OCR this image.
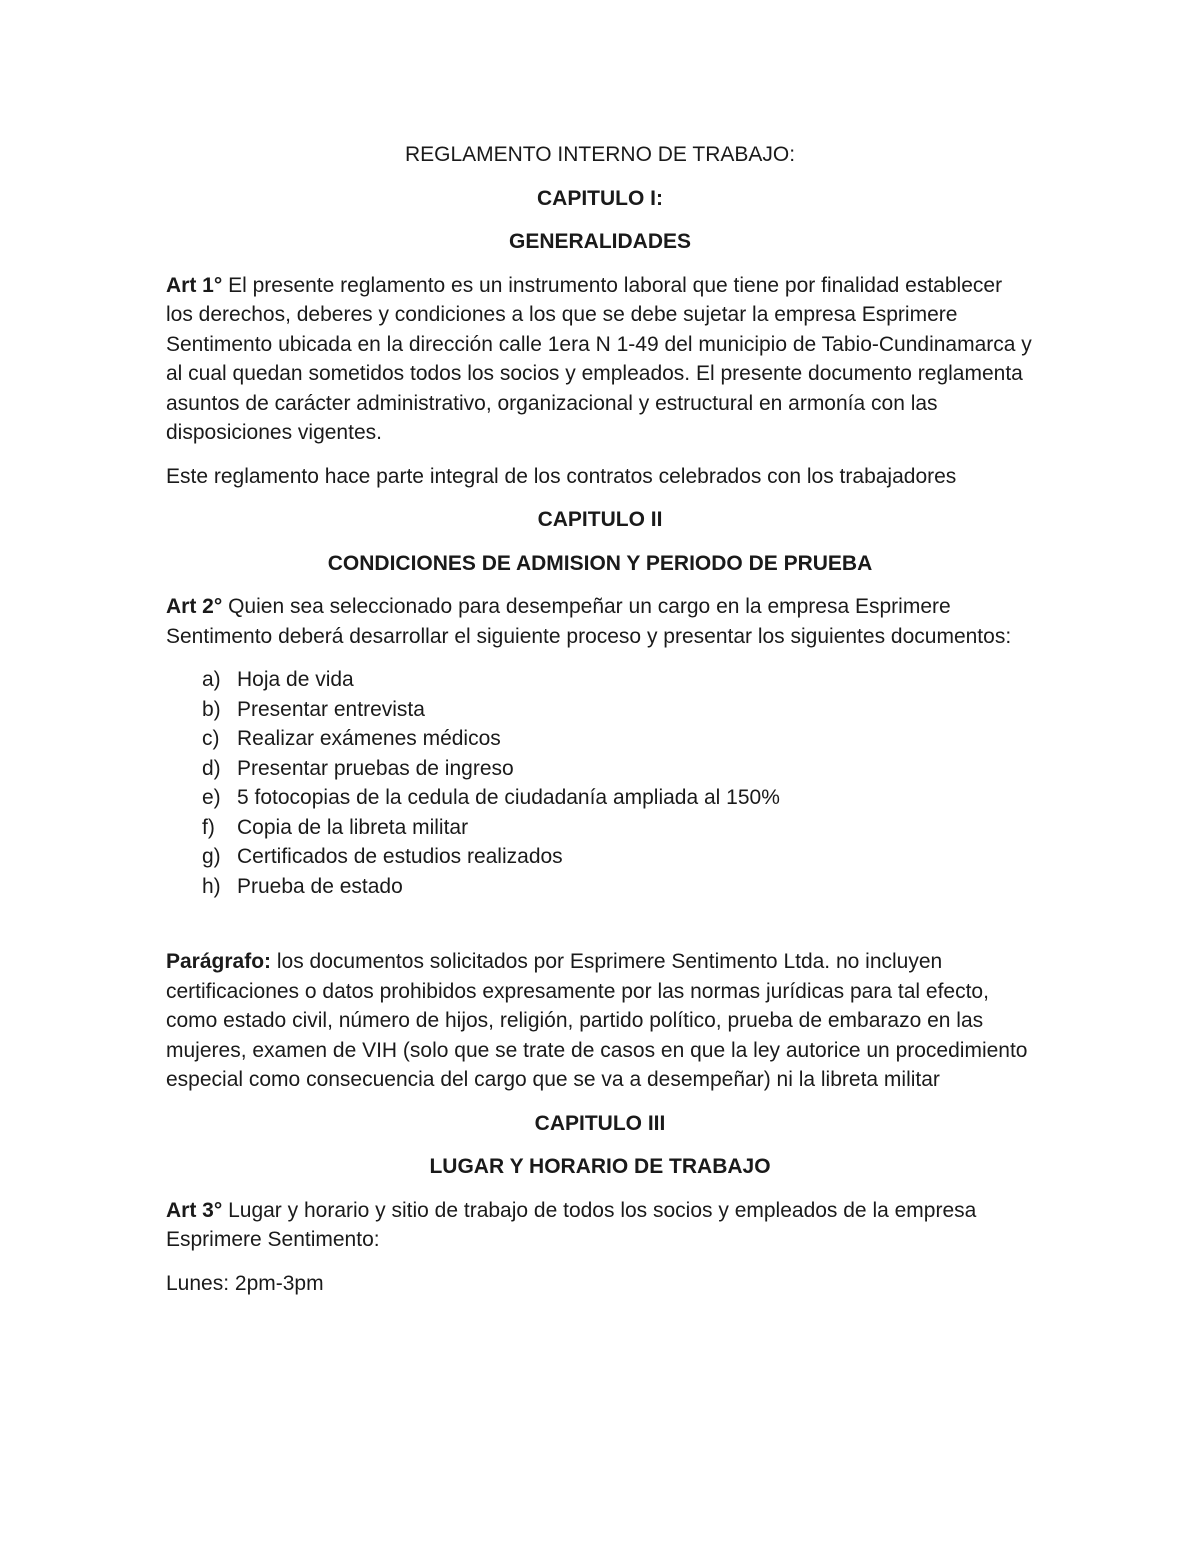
REGLAMENTO INTERNO DE TRABAJO:

CAPITULO I:

GENERALIDADES

Art 1° El presente reglamento es un instrumento laboral que tiene por finalidad establecer los derechos, deberes y condiciones a los que se debe sujetar la empresa Esprimere Sentimento ubicada en la dirección calle 1era N 1-49 del municipio de Tabio-Cundinamarca y al cual quedan sometidos todos los socios y empleados. El presente documento reglamenta asuntos de carácter administrativo, organizacional y estructural en armonía con las disposiciones vigentes.

Este reglamento hace parte integral de los contratos celebrados con los trabajadores

CAPITULO II

CONDICIONES DE ADMISION Y PERIODO DE PRUEBA

Art 2° Quien sea seleccionado para desempeñar un cargo en la empresa Esprimere Sentimento deberá desarrollar el siguiente proceso y presentar los siguientes documentos:

a) Hoja de vida
b) Presentar entrevista
c) Realizar exámenes médicos
d) Presentar pruebas de ingreso
e) 5 fotocopias de la cedula de ciudadanía ampliada al 150%
f) Copia de la libreta militar
g) Certificados de estudios realizados
h) Prueba de estado

Parágrafo: los documentos solicitados por Esprimere Sentimento Ltda. no incluyen certificaciones o datos prohibidos expresamente por las normas jurídicas para tal efecto, como estado civil, número de hijos, religión, partido político, prueba de embarazo en las mujeres, examen de VIH (solo que se trate de casos en que la ley autorice un procedimiento especial como consecuencia del cargo que se va a desempeñar) ni la libreta militar

CAPITULO III

LUGAR Y HORARIO DE TRABAJO

Art 3° Lugar y horario y sitio de trabajo de todos los socios y empleados de la empresa Esprimere Sentimento:

Lunes: 2pm-3pm
